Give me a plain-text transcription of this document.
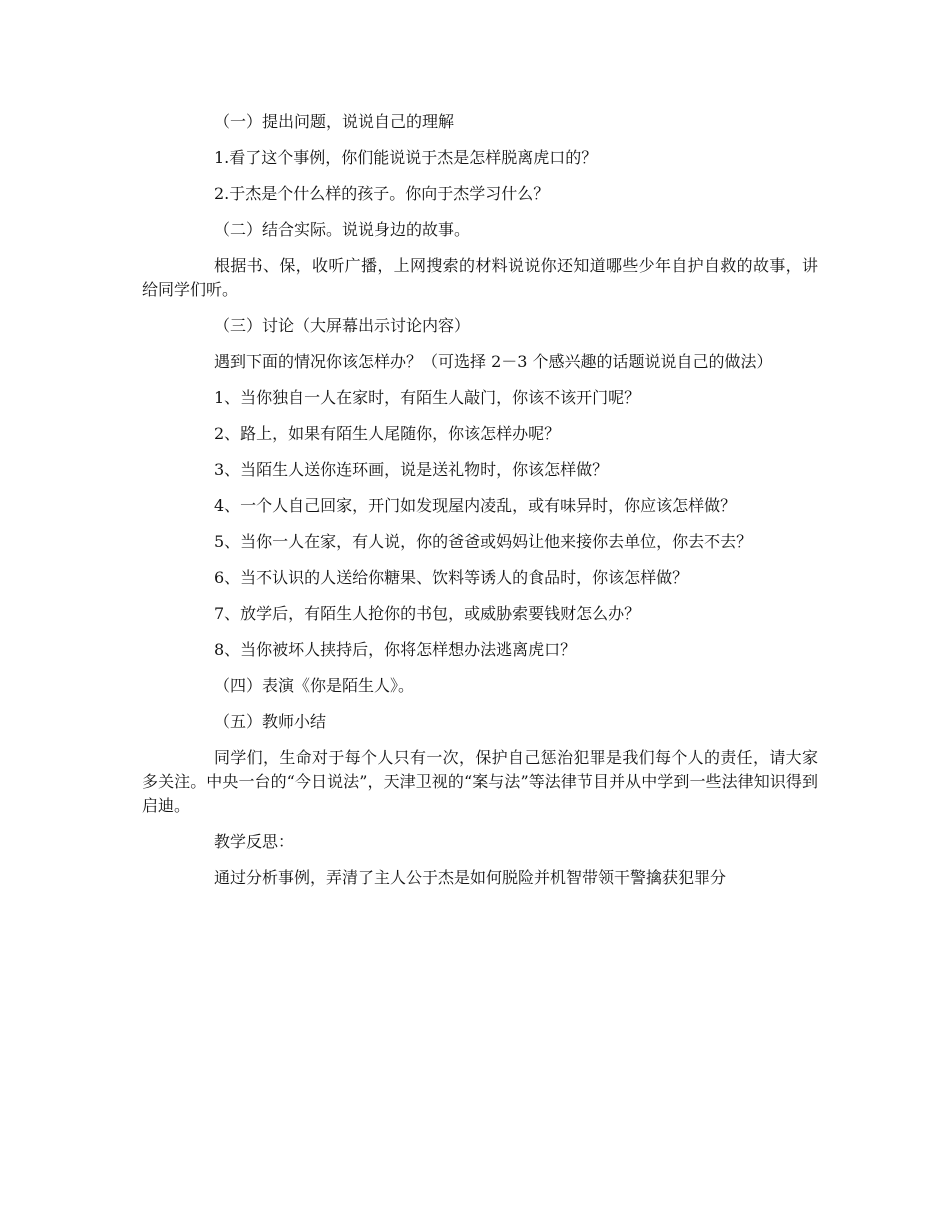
（一）提出问题，说说自己的理解

1.看了这个事例，你们能说说于杰是怎样脱离虎口的？

2.于杰是个什么样的孩子。你向于杰学习什么？

（二）结合实际。说说身边的故事。

根据书、保，收听广播，上网搜索的材料说说你还知道哪些少年自护自救的故事，讲给同学们听。

（三）讨论（大屏幕出示讨论内容）

遇到下面的情况你该怎样办？（可选择 2－3 个感兴趣的话题说说自己的做法）

1、当你独自一人在家时，有陌生人敲门，你该不该开门呢？

2、路上，如果有陌生人尾随你，你该怎样办呢？

3、当陌生人送你连环画，说是送礼物时，你该怎样做？

4、一个人自己回家，开门如发现屋内凌乱，或有味异时，你应该怎样做？

5、当你一人在家，有人说，你的爸爸或妈妈让他来接你去单位，你去不去？

6、当不认识的人送给你糖果、饮料等诱人的食品时，你该怎样做？

7、放学后，有陌生人抢你的书包，或威胁索要钱财怎么办？

8、当你被坏人挟持后，你将怎样想办法逃离虎口？

（四）表演《你是陌生人》。

（五）教师小结

同学们，生命对于每个人只有一次，保护自己惩治犯罪是我们每个人的责任，请大家多关注。中央一台的“今日说法”，天津卫视的“案与法”等法律节目并从中学到一些法律知识得到启迪。

教学反思：

通过分析事例，弄清了主人公于杰是如何脱险并机智带领干警擒获犯罪分
